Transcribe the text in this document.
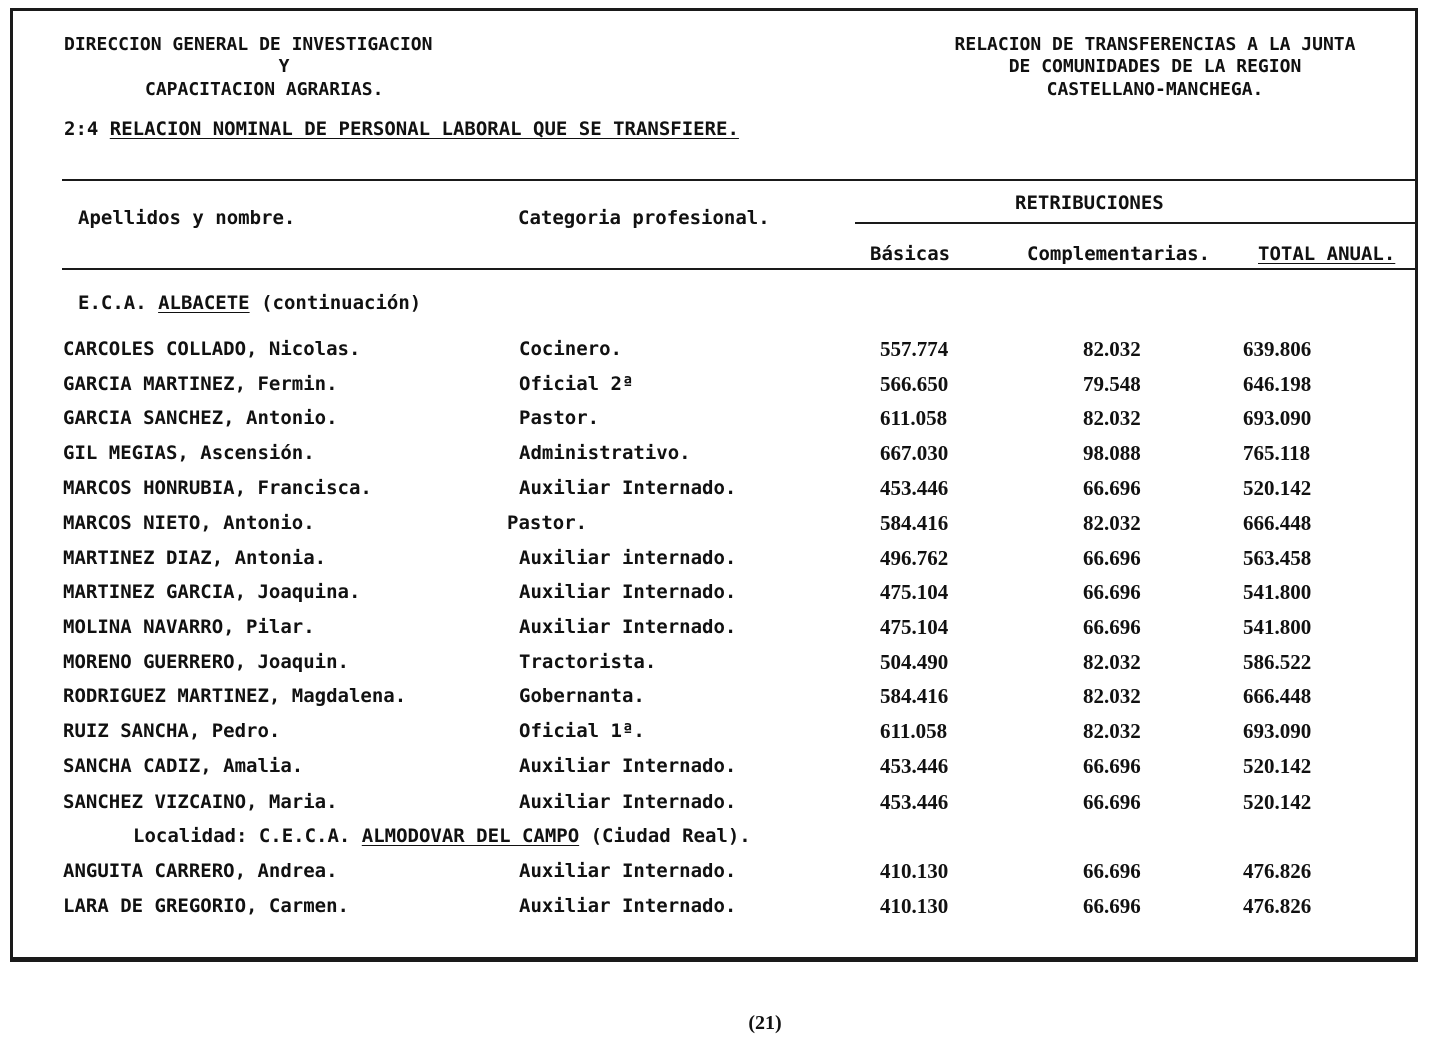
DIRECCION GENERAL DE INVESTIGACION
Y
CAPACITACION AGRARIAS.
RELACION DE TRANSFERENCIAS A LA JUNTA
DE COMUNIDADES DE LA REGION
CASTELLANO-MANCHEGA.
2:4 RELACION NOMINAL DE PERSONAL LABORAL QUE SE TRANSFIERE.
Apellidos y nombre.	Categoria profesional.
RETRIBUCIONES
Básicas	Complementarias.	TOTAL ANUAL.
E.C.A. ALBACETE (continuación)
CARCOLES COLLADO, Nicolas.	Cocinero.	557.774	82.032	639.806
GARCIA MARTINEZ, Fermin.	Oficial 2ª	566.650	79.548	646.198
GARCIA SANCHEZ, Antonio.	Pastor.	611.058	82.032	693.090
GIL MEGIAS, Ascensión.	Administrativo.	667.030	98.088	765.118
MARCOS HONRUBIA, Francisca.	Auxiliar Internado.	453.446	66.696	520.142
MARCOS NIETO, Antonio.	Pastor.	584.416	82.032	666.448
MARTINEZ DIAZ, Antonia.	Auxiliar internado.	496.762	66.696	563.458
MARTINEZ GARCIA, Joaquina.	Auxiliar Internado.	475.104	66.696	541.800
MOLINA NAVARRO, Pilar.	Auxiliar Internado.	475.104	66.696	541.800
MORENO GUERRERO, Joaquin.	Tractorista.	504.490	82.032	586.522
RODRIGUEZ MARTINEZ, Magdalena.	Gobernanta.	584.416	82.032	666.448
RUIZ SANCHA, Pedro.	Oficial 1ª.	611.058	82.032	693.090
SANCHA CADIZ, Amalia.	Auxiliar Internado.	453.446	66.696	520.142
SANCHEZ VIZCAINO, Maria.	Auxiliar Internado.	453.446	66.696	520.142
Localidad: C.E.C.A. ALMODOVAR DEL CAMPO (Ciudad Real).
ANGUITA CARRERO, Andrea.	Auxiliar Internado.	410.130	66.696	476.826
LARA DE GREGORIO, Carmen.	Auxiliar Internado.	410.130	66.696	476.826
(21)
